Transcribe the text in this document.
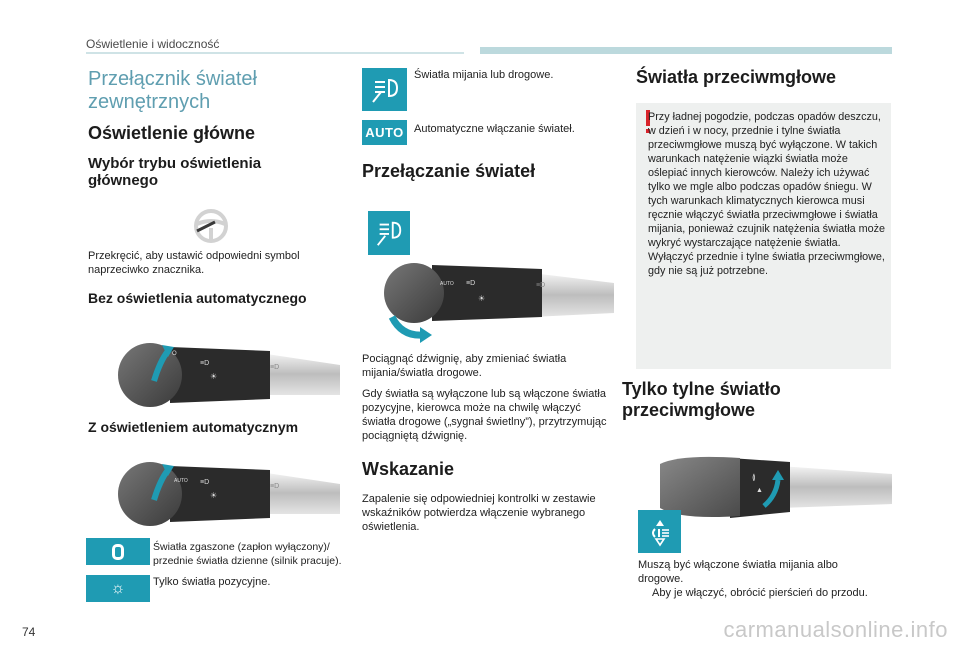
Oświetlenie i widoczność
Przełącznik świateł zewnętrznych
Oświetlenie główne
Wybór trybu oświetlenia głównego
Przekręcić, aby ustawić odpowiedni symbol naprzeciwko znacznika.
Bez oświetlenia automatycznego
O
≡D
☀
≡D
Z oświetleniem automatycznym
AUTO ≡D
☀
≡D
Światła zgaszone (zapłon wyłączony)/ przednie światła dzienne (silnik pracuje).
☼	Tylko światła pozycyjne.
Światła mijania lub drogowe.
AUTO Automatyczne włączanie świateł.
Przełączanie świateł
AUTO ≡D
☀
≡D
Pociągnąć dźwignię, aby zmieniać światła mijania/światła drogowe.
Gdy światła są wyłączone lub są włączone światła pozycyjne, kierowca może na chwilę włączyć światła drogowe („sygnał świetlny”), przytrzymując pociągniętą dźwignię.
Wskazanie
Zapalenie się odpowiedniej kontrolki w zestawie wskaźników potwierdza włączenie wybranego oświetlenia.
Światła przeciwmgłowe
Przy ładnej pogodzie, podczas opadów deszczu, w dzień i w nocy, przednie i tylne światła przeciwmgłowe muszą być wyłączone. W takich warunkach natężenie wiązki światła może oślepiać innych kierowców. Należy ich używać tylko we mgle albo podczas opadów śniegu. W tych warunkach klimatycznych kierowca musi ręcznie włączyć światła przeciwmgłowe i światła mijania, ponieważ czujnik natężenia światła może wykryć wystarczające natężenie światła. Wyłączyć przednie i tylne światła przeciwmgłowe, gdy nie są już potrzebne.
Tylko tylne światło przeciwmgłowe
≬
▲
Muszą być włączone światła mijania albo drogowe.
Aby je włączyć, obrócić pierścień do przodu.
74	carmanualsonline.info
